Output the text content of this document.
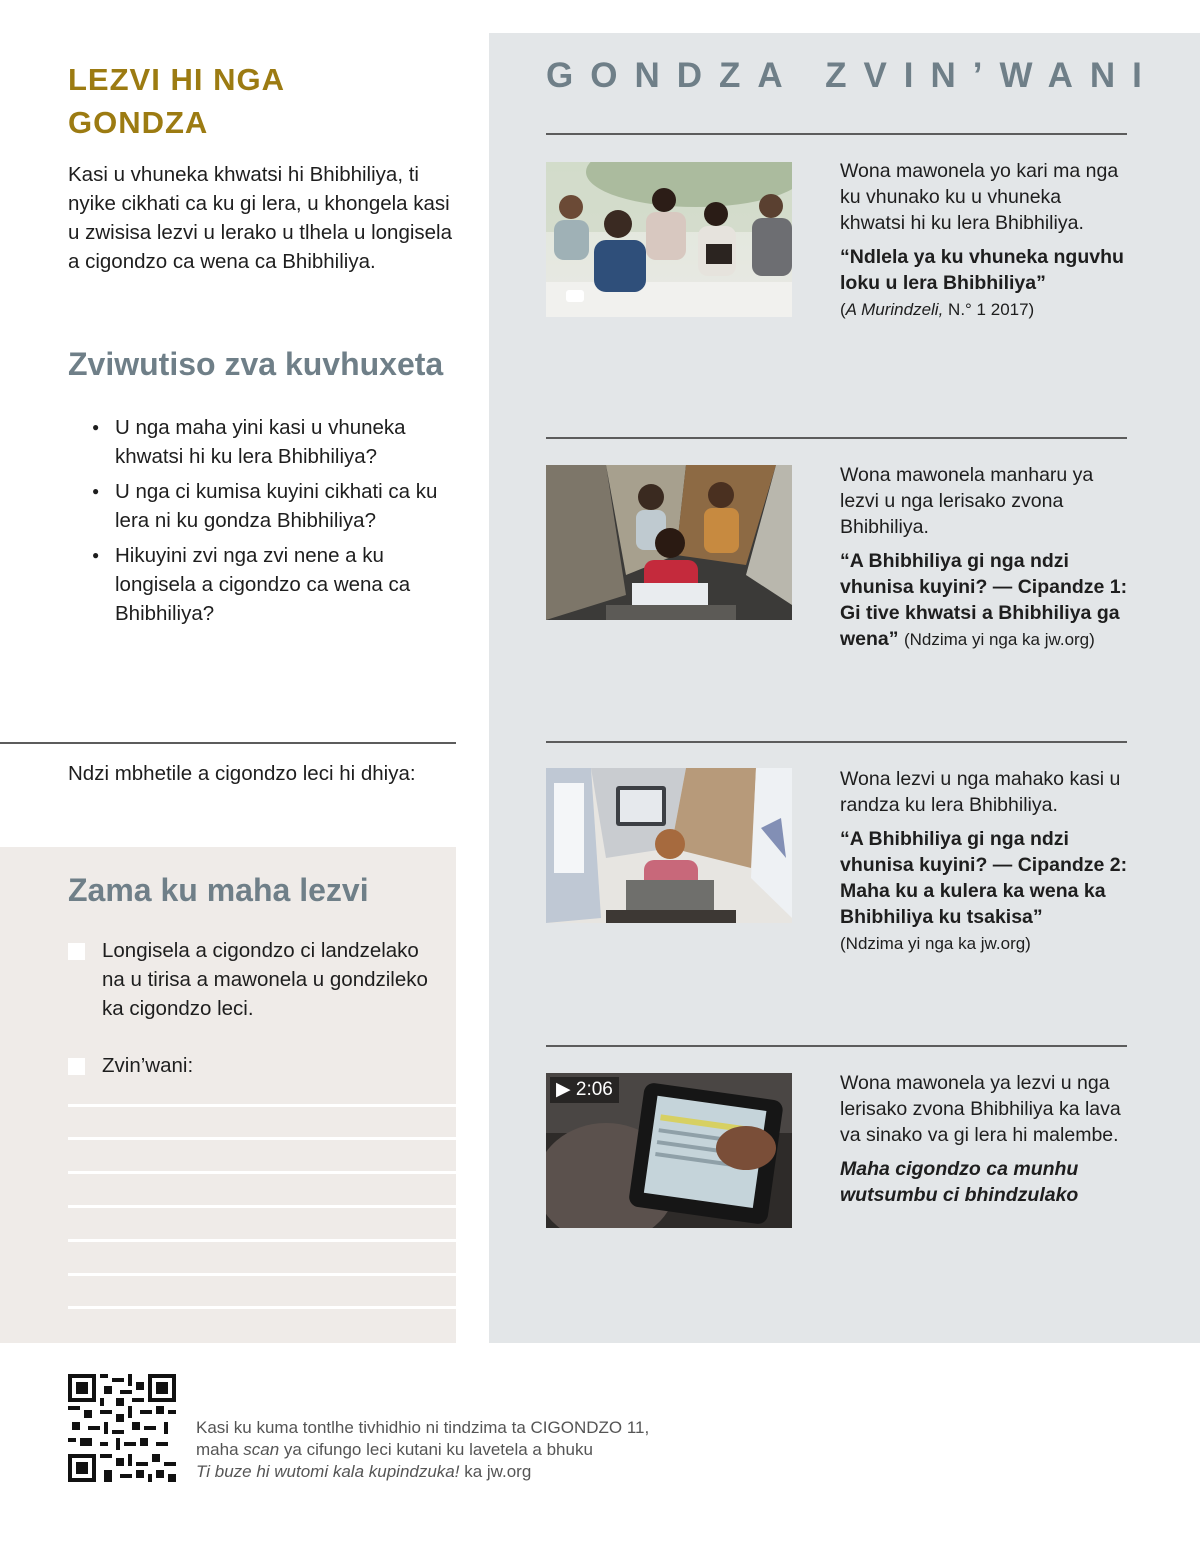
GONDZA ZVIN’WANI
Wona mawonela yo kari ma nga ku vhunako ku u vhuneka khwatsi hi ku lera Bhibhiliya.
“Ndlela ya ku vhuneka nguvhu loku u lera Bhibhiliya”
(A Murindzeli, N.° 1 2017)
Wona mawonela manharu ya lezvi u nga lerisako zvona Bhibhiliya.
“A Bhibhiliya gi nga ndzi vhunisa kuyini? — Cipandze 1: Gi tive khwatsi a Bhibhiliya ga wena” (Ndzima yi nga ka jw.org)
Wona lezvi u nga mahako kasi u randza ku lera Bhibhiliya.
“A Bhibhiliya gi nga ndzi vhunisa kuyini? — Cipandze 2: Maha ku a kulera ka wena ka Bhibhiliya ku tsakisa”
(Ndzima yi nga ka jw.org)
▶ 2:06	Wona mawonela ya lezvi u nga lerisako zvona Bhibhiliya ka lava va sinako va gi lera hi malembe.
Maha cigondzo ca munhu wutsumbu ci bhindzulako
LEZVI HI NGA GONDZA

Kasi u vhuneka khwatsi hi Bhibhiliya, ti nyike cikhati ca ku gi lera, u khongela kasi u zwisisa lezvi u lerako u tlhela u longisela a cigondzo ca wena ca Bhibhiliya.

Zviwutiso zva kuvhuxeta
● U nga maha yini kasi u vhuneka khwatsi hi ku lera Bhibhiliya?
● U nga ci kumisa kuyini cikhati ca ku lera ni ku gondza Bhibhiliya?
● Hikuyini zvi nga zvi nene a ku longisela a cigondzo ca wena ca Bhibhiliya?
Ndzi mbhetile a cigondzo leci hi dhiya:
Zama ku maha lezvi
Longisela a cigondzo ci landzelako na u tirisa a mawonela u gondzileko ka cigondzo leci.
Zvin’wani:
Kasi ku kuma tontlhe tivhidhio ni tindzima ta CIGONDZO 11,
maha scan ya cifungo leci kutani ku lavetela a bhuku
Ti buze hi wutomi kala kupindzuka! ka jw.org
